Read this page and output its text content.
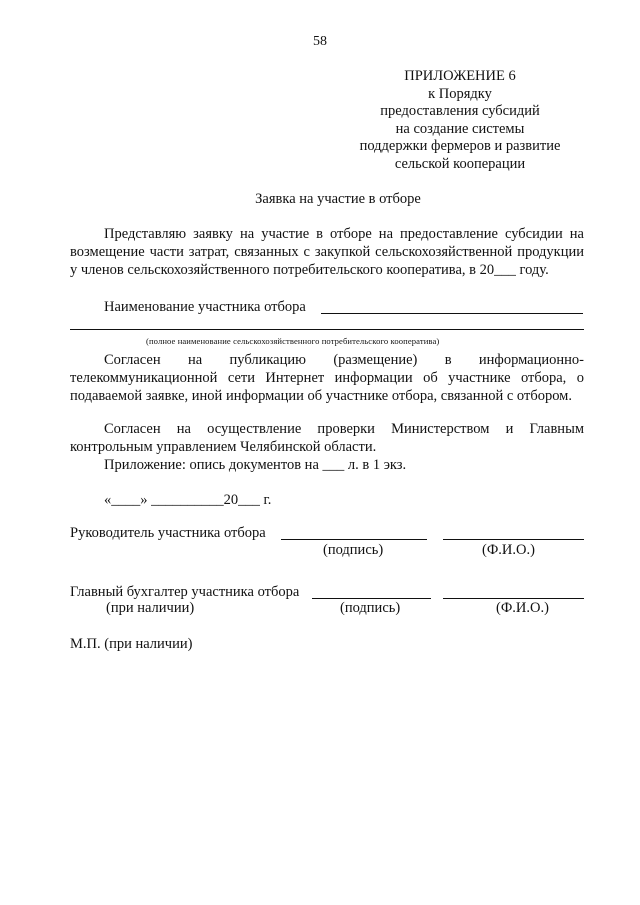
58
ПРИЛОЖЕНИЕ 6
к Порядку
предоставления субсидий
на создание системы
поддержки фермеров и развитие
сельской кооперации
Заявка на участие в отборе
Представляю заявку на участие в отборе на предоставление субсидии на возмещение части затрат, связанных с закупкой сельскохозяйственной продукции у членов сельскохозяйственного потребительского кооператива, в 20___ году.
Наименование участника отбора
(полное наименование сельскохозяйственного потребительского кооператива)
Согласен на публикацию (размещение) в информационно-телекоммуникационной сети Интернет информации об участнике отбора, о подаваемой заявке, иной информации об участнике отбора, связанной с отбором.
Согласен на осуществление проверки Министерством и Главным контрольным управлением Челябинской области.
Приложение: опись документов на ___ л. в 1 экз.
«____» __________20___ г.
Руководитель участника отбора
(подпись)	(Ф.И.О.)
Главный бухгалтер участника отбора
(при наличии)	(подпись)	(Ф.И.О.)
М.П. (при наличии)
